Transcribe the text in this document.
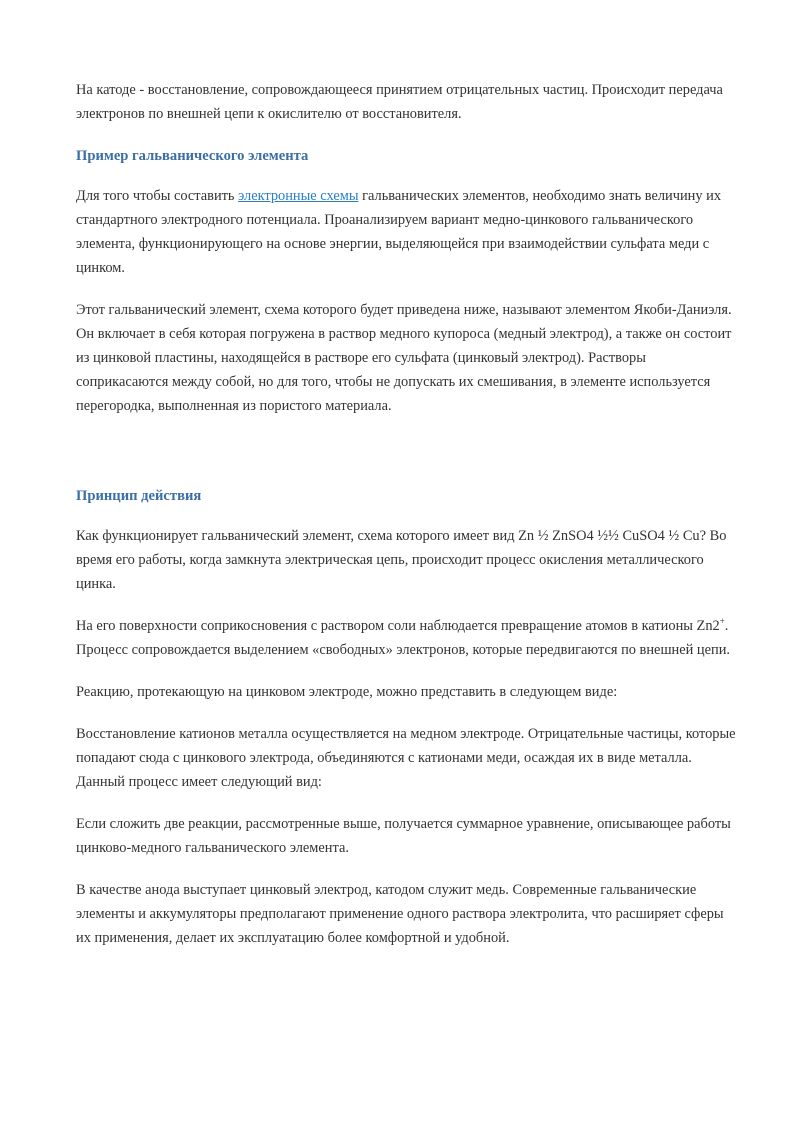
На катоде - восстановление, сопровождающееся принятием отрицательных частиц. Происходит передача электронов по внешней цепи к окислителю от восстановителя.

Пример гальванического элемента

Для того чтобы составить электронные схемы гальванических элементов, необходимо знать величину их стандартного электродного потенциала. Проанализируем вариант медно-цинкового гальванического элемента, функционирующего на основе энергии, выделяющейся при взаимодействии сульфата меди с цинком.

Этот гальванический элемент, схема которого будет приведена ниже, называют элементом Якоби-Даниэля. Он включает в себя которая погружена в раствор медного купороса (медный электрод), а также он состоит из цинковой пластины, находящейся в растворе его сульфата (цинковый электрод). Растворы соприкасаются между собой, но для того, чтобы не допускать их смешивания, в элементе используется перегородка, выполненная из пористого материала.

Принцип действия

Как функционирует гальванический элемент, схема которого имеет вид Zn ½ ZnSO4 ½½ CuSO4 ½ Cu? Во время его работы, когда замкнута электрическая цепь, происходит процесс окисления металлического цинка.

На его поверхности соприкосновения с раствором соли наблюдается превращение атомов в катионы Zn2+. Процесс сопровождается выделением «свободных» электронов, которые передвигаются по внешней цепи.

Реакцию, протекающую на цинковом электроде, можно представить в следующем виде:

Восстановление катионов металла осуществляется на медном электроде. Отрицательные частицы, которые попадают сюда с цинкового электрода, объединяются с катионами меди, осаждая их в виде металла. Данный процесс имеет следующий вид:

Если сложить две реакции, рассмотренные выше, получается суммарное уравнение, описывающее работы цинково-медного гальванического элемента.

В качестве анода выступает цинковый электрод, катодом служит медь. Современные гальванические элементы и аккумуляторы предполагают применение одного раствора электролита, что расширяет сферы их применения, делает их эксплуатацию более комфортной и удобной.
